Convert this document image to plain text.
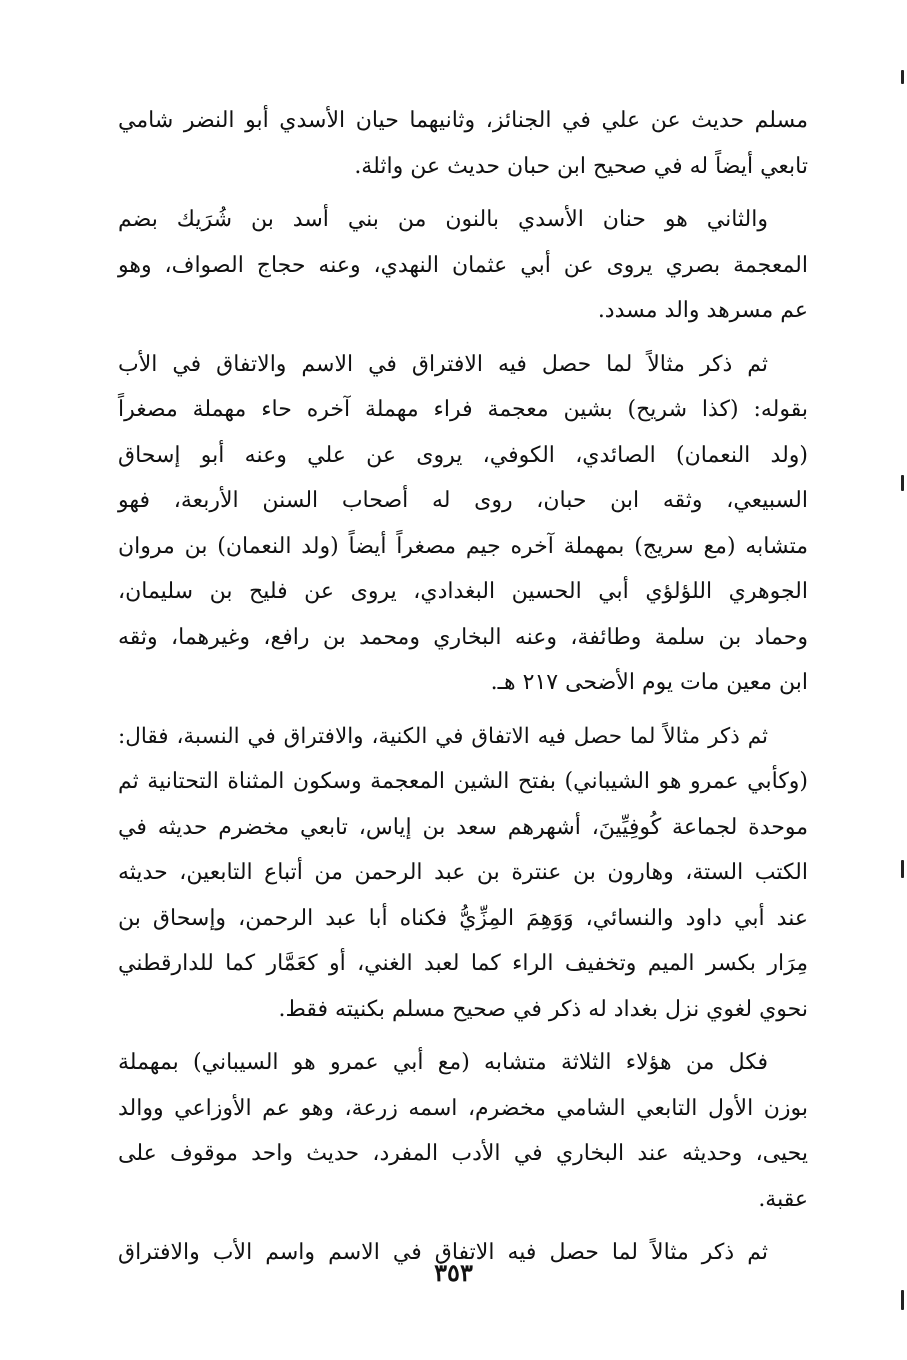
مسلم حديث عن علي في الجنائز، وثانيهما حيان الأسدي أبو النضر شامي
تابعي أيضاً له في صحيح ابن حبان حديث عن واثلة.
والثاني هو حنان الأسدي بالنون من بني أسد بن شُرَيك بضم
المعجمة بصري يروى عن أبي عثمان النهدي، وعنه حجاج الصواف، وهو
عم مسرهد والد مسدد.
ثم ذكر مثالاً لما حصل فيه الافتراق في الاسم والاتفاق في الأب
بقوله: (كذا شريح) بشين معجمة فراء مهملة آخره حاء مهملة مصغراً
(ولد النعمان) الصائدي، الكوفي، يروى عن علي وعنه أبو إسحاق
السبيعي، وثقه ابن حبان، روى له أصحاب السنن الأربعة، فهو
متشابه (مع سريج) بمهملة آخره جيم مصغراً أيضاً (ولد النعمان) بن مروان
الجوهري اللؤلؤي أبي الحسين البغدادي، يروى عن فليح بن سليمان،
وحماد بن سلمة وطائفة، وعنه البخاري ومحمد بن رافع، وغيرهما، وثقه
ابن معين مات يوم الأضحى ٢١٧ هـ.
ثم ذكر مثالاً لما حصل فيه الاتفاق في الكنية، والافتراق في النسبة، فقال:
(وكأبي عمرو هو الشيباني) بفتح الشين المعجمة وسكون المثناة التحتانية ثم
موحدة لجماعة كُوفِيِّينَ، أشهرهم سعد بن إياس، تابعي مخضرم حديثه في
الكتب الستة، وهارون بن عنترة بن عبد الرحمن من أتباع التابعين، حديثه
عند أبي داود والنسائي، وَوَهِمَ المِزِّيُّ فكناه أبا عبد الرحمن، وإسحاق بن
مِرَار بكسر الميم وتخفيف الراء كما لعبد الغني، أو كعَمَّار كما للدارقطني
نحوي لغوي نزل بغداد له ذكر في صحيح مسلم بكنيته فقط.
فكل من هؤلاء الثلاثة متشابه (مع أبي عمرو هو السيباني) بمهملة
بوزن الأول التابعي الشامي مخضرم، اسمه زرعة، وهو عم الأوزاعي ووالد
يحيى، وحديثه عند البخاري في الأدب المفرد، حديث واحد موقوف على
عقبة.
ثم ذكر مثالاً لما حصل فيه الاتفاق في الاسم واسم الأب والافتراق
٣٥٣
